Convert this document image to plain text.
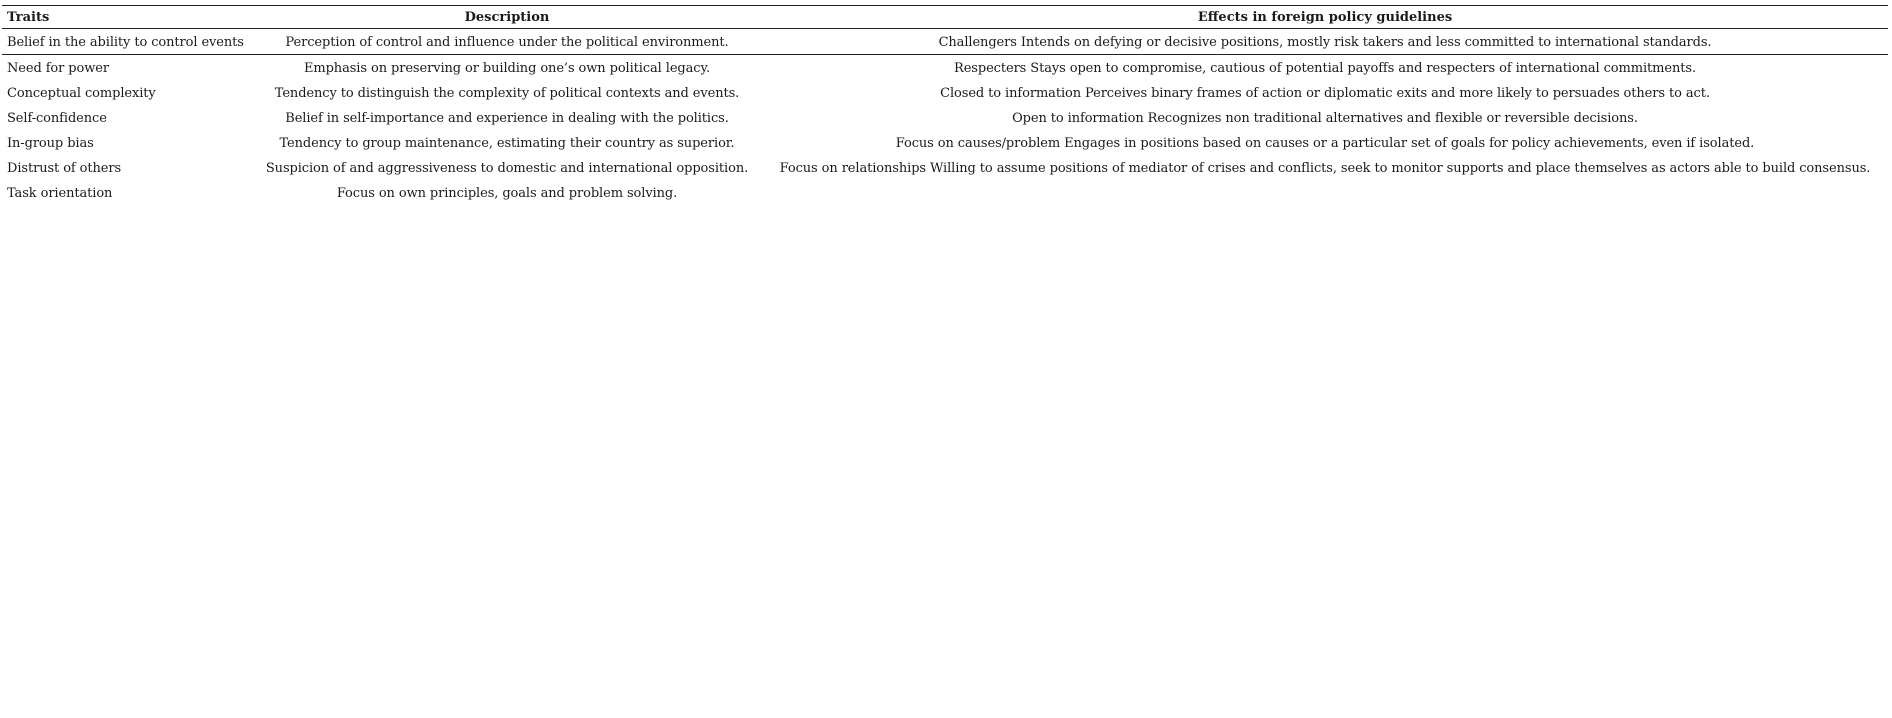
Traits	Description	Effects in foreign policy guidelines
Belief in the ability to control events	Perception of control and influence under the political environment.	Challengers Intends on defying or decisive positions, mostly risk takers and less committed to international standards.
Need for power	Emphasis on preserving or building one’s own political legacy.	Respecters Stays open to compromise, cautious of potential payoffs and respecters of international commitments.
Conceptual complexity	Tendency to distinguish the complexity of political contexts and events.	Closed to information Perceives binary frames of action or diplomatic exits and more likely to persuades others to act.
Self-confidence	Belief in self-importance and experience in dealing with the politics.	Open to information Recognizes non traditional alternatives and flexible or reversible decisions.
In-group bias	Tendency to group maintenance, estimating their country as superior.	Focus on causes/problem Engages in positions based on causes or a particular set of goals for policy achievements, even if isolated.
Distrust of others	Suspicion of and aggressiveness to domestic and international opposition.	Focus on relationships Willing to assume positions of mediator of crises and conflicts, seek to monitor supports and place themselves as actors able to build consensus.
Task orientation	Focus on own principles, goals and problem solving.	
